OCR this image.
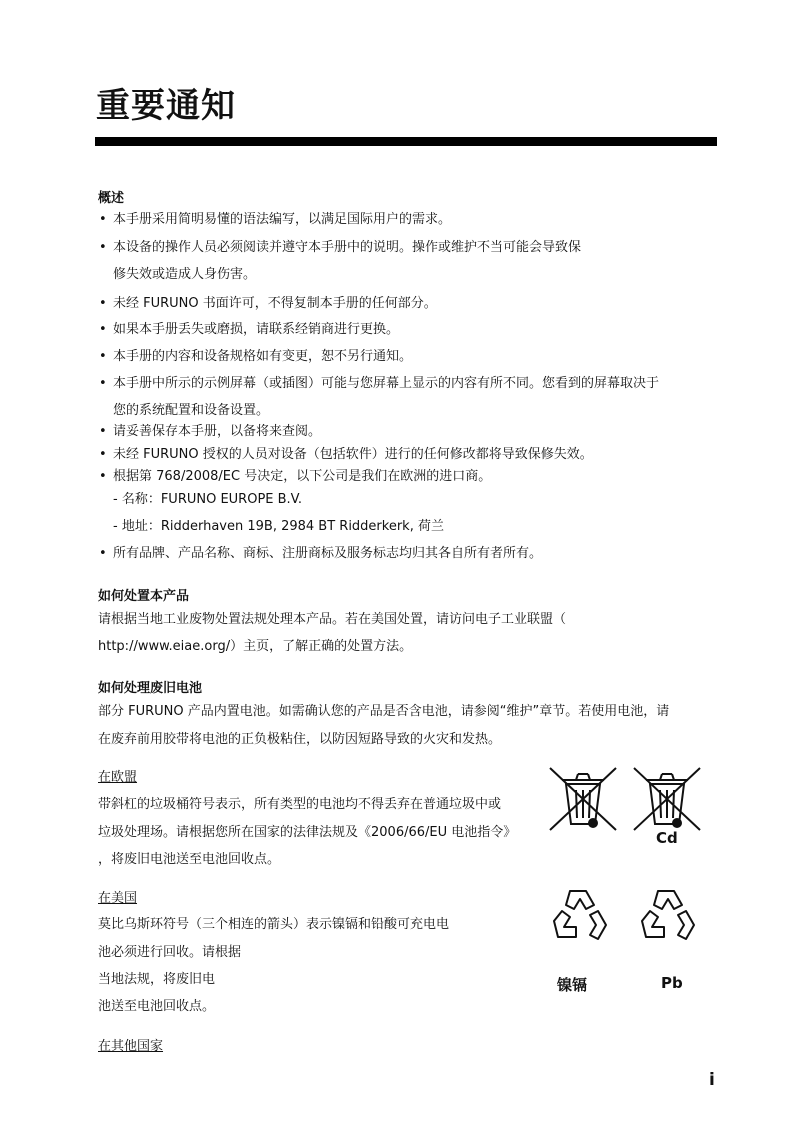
重要通知
概述
• 本手册采用简明易懂的语法编写，以满足国际用户的需求。
• 本设备的操作人员必须阅读并遵守本手册中的说明。操作或维护不当可能会导致保
修失效或造成人身伤害。
• 未经 FURUNO 书面许可，不得复制本手册的任何部分。
• 如果本手册丢失或磨损，请联系经销商进行更换。
• 本手册的内容和设备规格如有变更，恕不另行通知。
• 本手册中所示的示例屏幕（或插图）可能与您屏幕上显示的内容有所不同。您看到的屏幕取决于
您的系统配置和设备设置。
• 请妥善保存本手册，以备将来查阅。
• 未经 FURUNO 授权的人员对设备（包括软件）进行的任何修改都将导致保修失效。
• 根据第 768/2008/EC 号决定，以下公司是我们在欧洲的进口商。
- 名称：FURUNO EUROPE B.V.
- 地址：Ridderhaven 19B, 2984 BT Ridderkerk, 荷兰
• 所有品牌、产品名称、商标、注册商标及服务标志均归其各自所有者所有。
如何处置本产品
请根据当地工业废物处置法规处理本产品。若在美国处置，请访问电子工业联盟（
http://www.eiae.org/）主页，了解正确的处置方法。
如何处理废旧电池
部分 FURUNO 产品内置电池。如需确认您的产品是否含电池，请参阅“维护”章节。若使用电池，请
在废弃前用胶带将电池的正负极粘住，以防因短路导致的火灾和发热。
在欧盟
带斜杠的垃圾桶符号表示，所有类型的电池均不得丢弃在普通垃圾中或
垃圾处理场。请根据您所在国家的法律法规及《2006/66/EU 电池指令》
，将废旧电池送至电池回收点。
Cd
在美国
莫比乌斯环符号（三个相连的箭头）表示镍镉和铅酸可充电电
池必须进行回收。请根据
当地法规，将废旧电
池送至电池回收点。
镍镉	Pb
在其他国家
i
